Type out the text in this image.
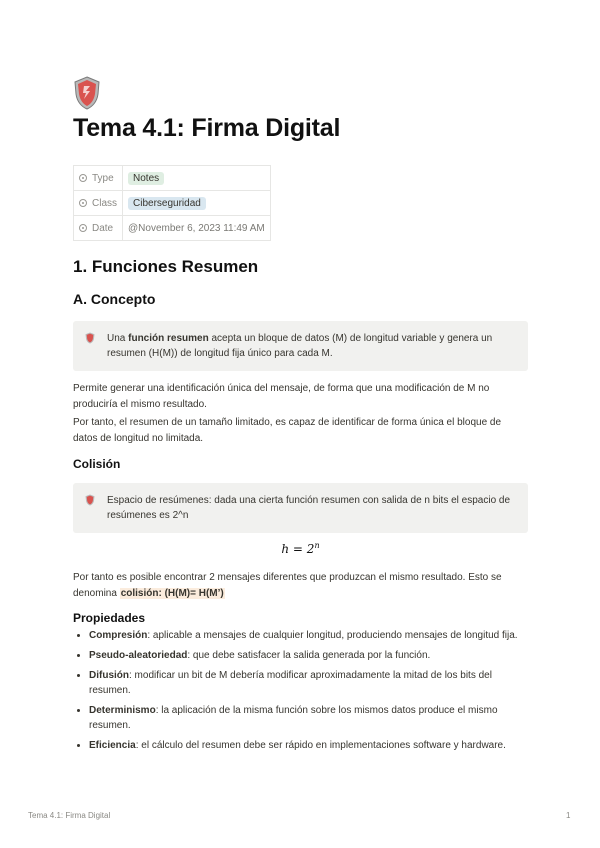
Tema 4.1: Firma Digital
Type	Notes
Class	Ciberseguridad
Date	@November 6, 2023 11:49 AM
1. Funciones Resumen
A. Concepto
Una función resumen acepta un bloque de datos (M) de longitud variable y genera un resumen (H(M)) de longitud fija único para cada M.

Permite generar una identificación única del mensaje, de forma que una modificación de M no produciría el mismo resultado.

Por tanto, el resumen de un tamaño limitado, es capaz de identificar de forma única el bloque de datos de longitud no limitada.

Colisión
Espacio de resúmenes: dada una cierta función resumen con salida de n bits el espacio de resúmenes es 2^n
$h = 2^n$

Por tanto es posible encontrar 2 mensajes diferentes que produzcan el mismo resultado. Esto se denomina colisión: (H(M)= H(M’)

Propiedades
• Compresión: aplicable a mensajes de cualquier longitud, produciendo mensajes de longitud fija.
• Pseudo-aleatoriedad: que debe satisfacer la salida generada por la función.
• Difusión: modificar un bit de M debería modificar aproximadamente la mitad de los bits del resumen.
• Determinismo: la aplicación de la misma función sobre los mismos datos produce el mismo resumen.
• Eficiencia: el cálculo del resumen debe ser rápido en implementaciones software y hardware.
Tema 4.1: Firma Digital	1
